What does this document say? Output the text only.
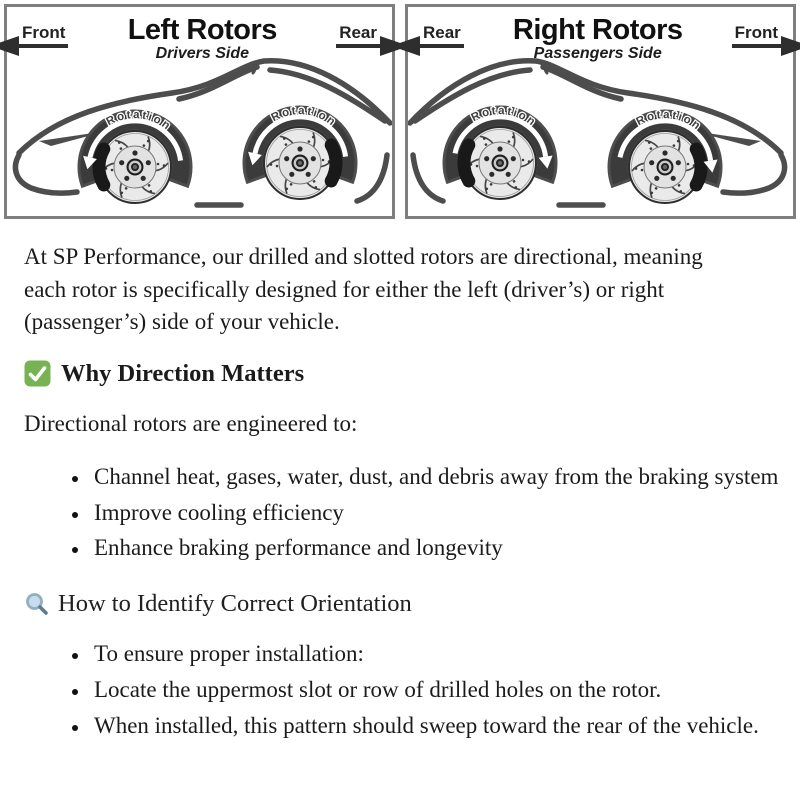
Rotation
Rotation
Front	Left Rotors
Drivers Side
Rear
Rotation	Rotation
Rear	Right Rotors
Passengers Side
Front

At SP Performance, our drilled and slotted rotors are directional, meaning each rotor is specifically designed for either the left (driver’s) or right (passenger’s) side of your vehicle.

Why Direction Matters

Directional rotors are engineered to:

• Channel heat, gases, water, dust, and debris away from the braking system
• Improve cooling efficiency
• Enhance braking performance and longevity
How to Identify Correct Orientation
• To ensure proper installation:
• Locate the uppermost slot or row of drilled holes on the rotor.
• When installed, this pattern should sweep toward the rear of the vehicle.
